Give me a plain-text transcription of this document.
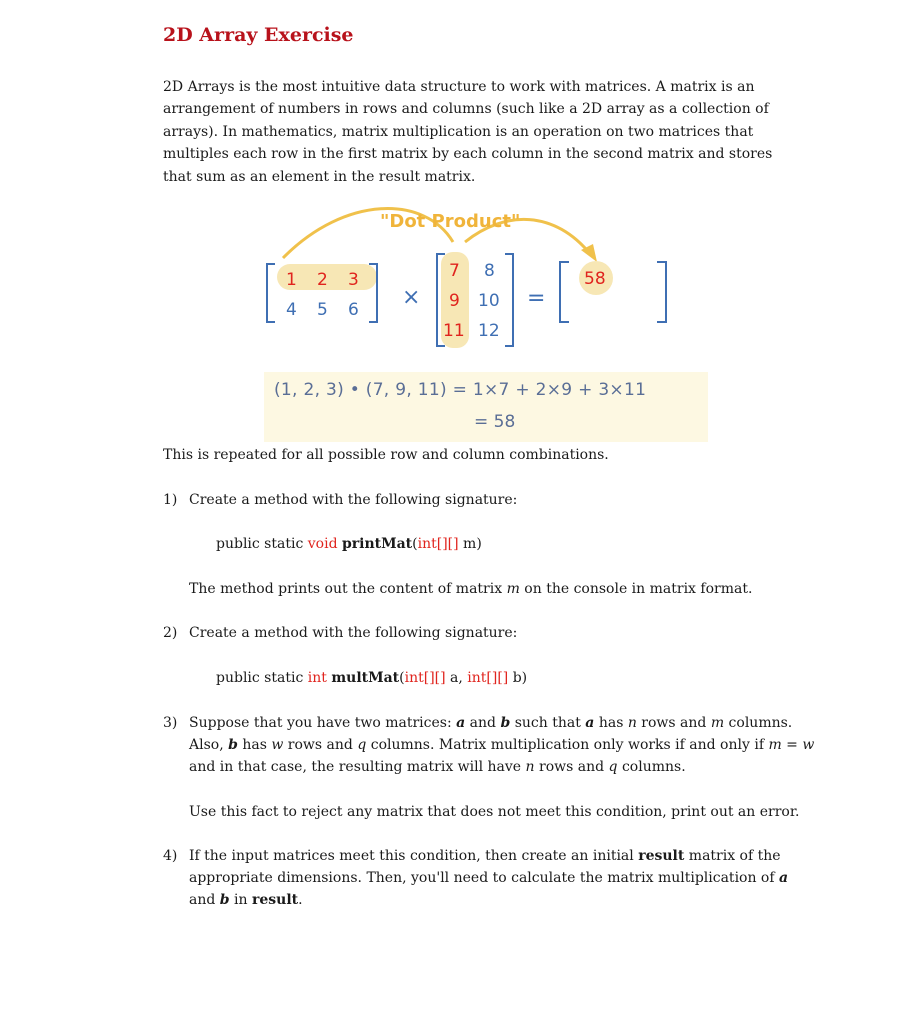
2D Array Exercise

2D Arrays is the most intuitive data structure to work with matrices. A matrix is an arrangement of numbers in rows and columns (such like a 2D array as a collection of arrays). In mathematics, matrix multiplication is an operation on two matrices that multiples each row in the first matrix by each column in the second matrix and stores that sum as an element in the result matrix.

"Dot Product"
1 2 3
4 5 6 ×
7 8
9 10
11 12
=
58
(1, 2, 3) • (7, 9, 11) = 1×7 + 2×9 + 3×11
= 58

This is repeated for all possible row and column combinations.

1) Create a method with the following signature:

public static void printMat(int[][] m)

The method prints out the content of matrix m on the console in matrix format.

2) Create a method with the following signature:

public static int multMat(int[][] a, int[][] b)

3) Suppose that you have two matrices: a and b such that a has n rows and m columns.

Also, b has w rows and q columns. Matrix multiplication only works if and only if m = w

and in that case, the resulting matrix will have n rows and q columns.

Use this fact to reject any matrix that does not meet this condition, print out an error.

4) If the input matrices meet this condition, then create an initial result matrix of the

appropriate dimensions. Then, you'll need to calculate the matrix multiplication of a

and b in result.
